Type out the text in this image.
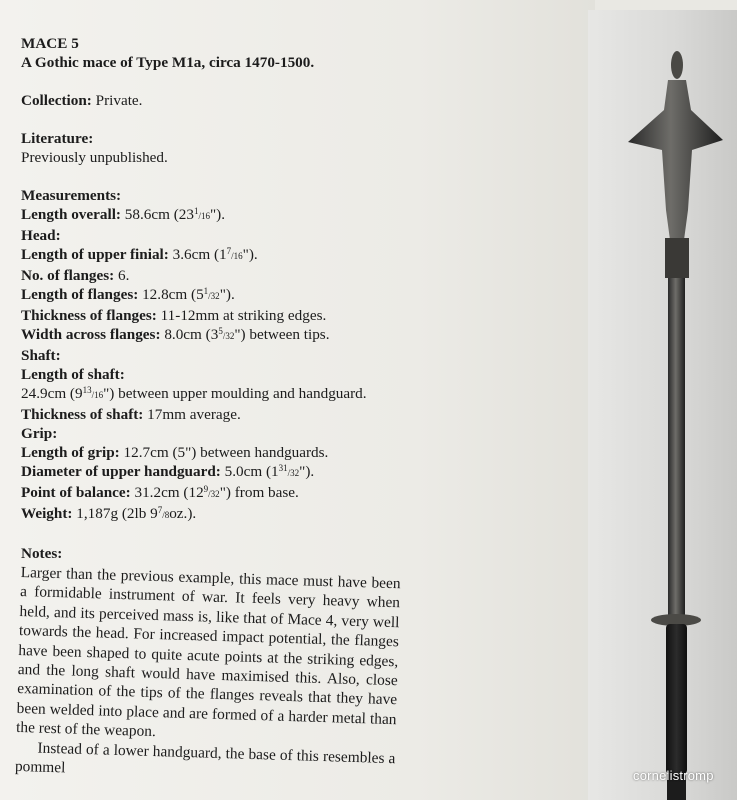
MACE 5
A Gothic mace of Type M1a, circa 1470-1500.
Collection: Private.
Literature:
Previously unpublished.
Measurements:
Length overall: 58.6cm $(23^1/16")$.
Head:
Length of upper finial: 3.6cm $(1^7/16")$.
No. of flanges: 6.
Length of flanges: 12.8cm $(5^1/32")$.
Thickness of flanges: 11-12mm at striking edges.
Width across flanges: 8.0cm $(3^5/32")$ between tips.
Shaft:
Length of shaft:
24.9cm $(9^{13}/16")$ between upper moulding and handguard.
Thickness of shaft: 17mm average.
Grip:
Length of grip: 12.7cm (5") between handguards.
Diameter of upper handguard: 5.0cm $(1^{31}/32")$.
Point of balance: 31.2cm $(12^9/32")$ from base.
Weight: 1,187g (2lb $9^7/8oz$.).
Notes:

Larger than the previous example, this mace must have been a formidable instrument of war. It feels very heavy when held, and its perceived mass is, like that of Mace 4, very well towards the head. For increased impact potential, the flanges have been shaped to quite acute points at the striking edges, and the long shaft would have maximised this. Also, close examination of the tips of the flanges reveals that they have been welded into place and are formed of a harder metal than the rest of the weapon.

Instead of a lower handguard, the base of this resembles a pommel	cornelistromp
